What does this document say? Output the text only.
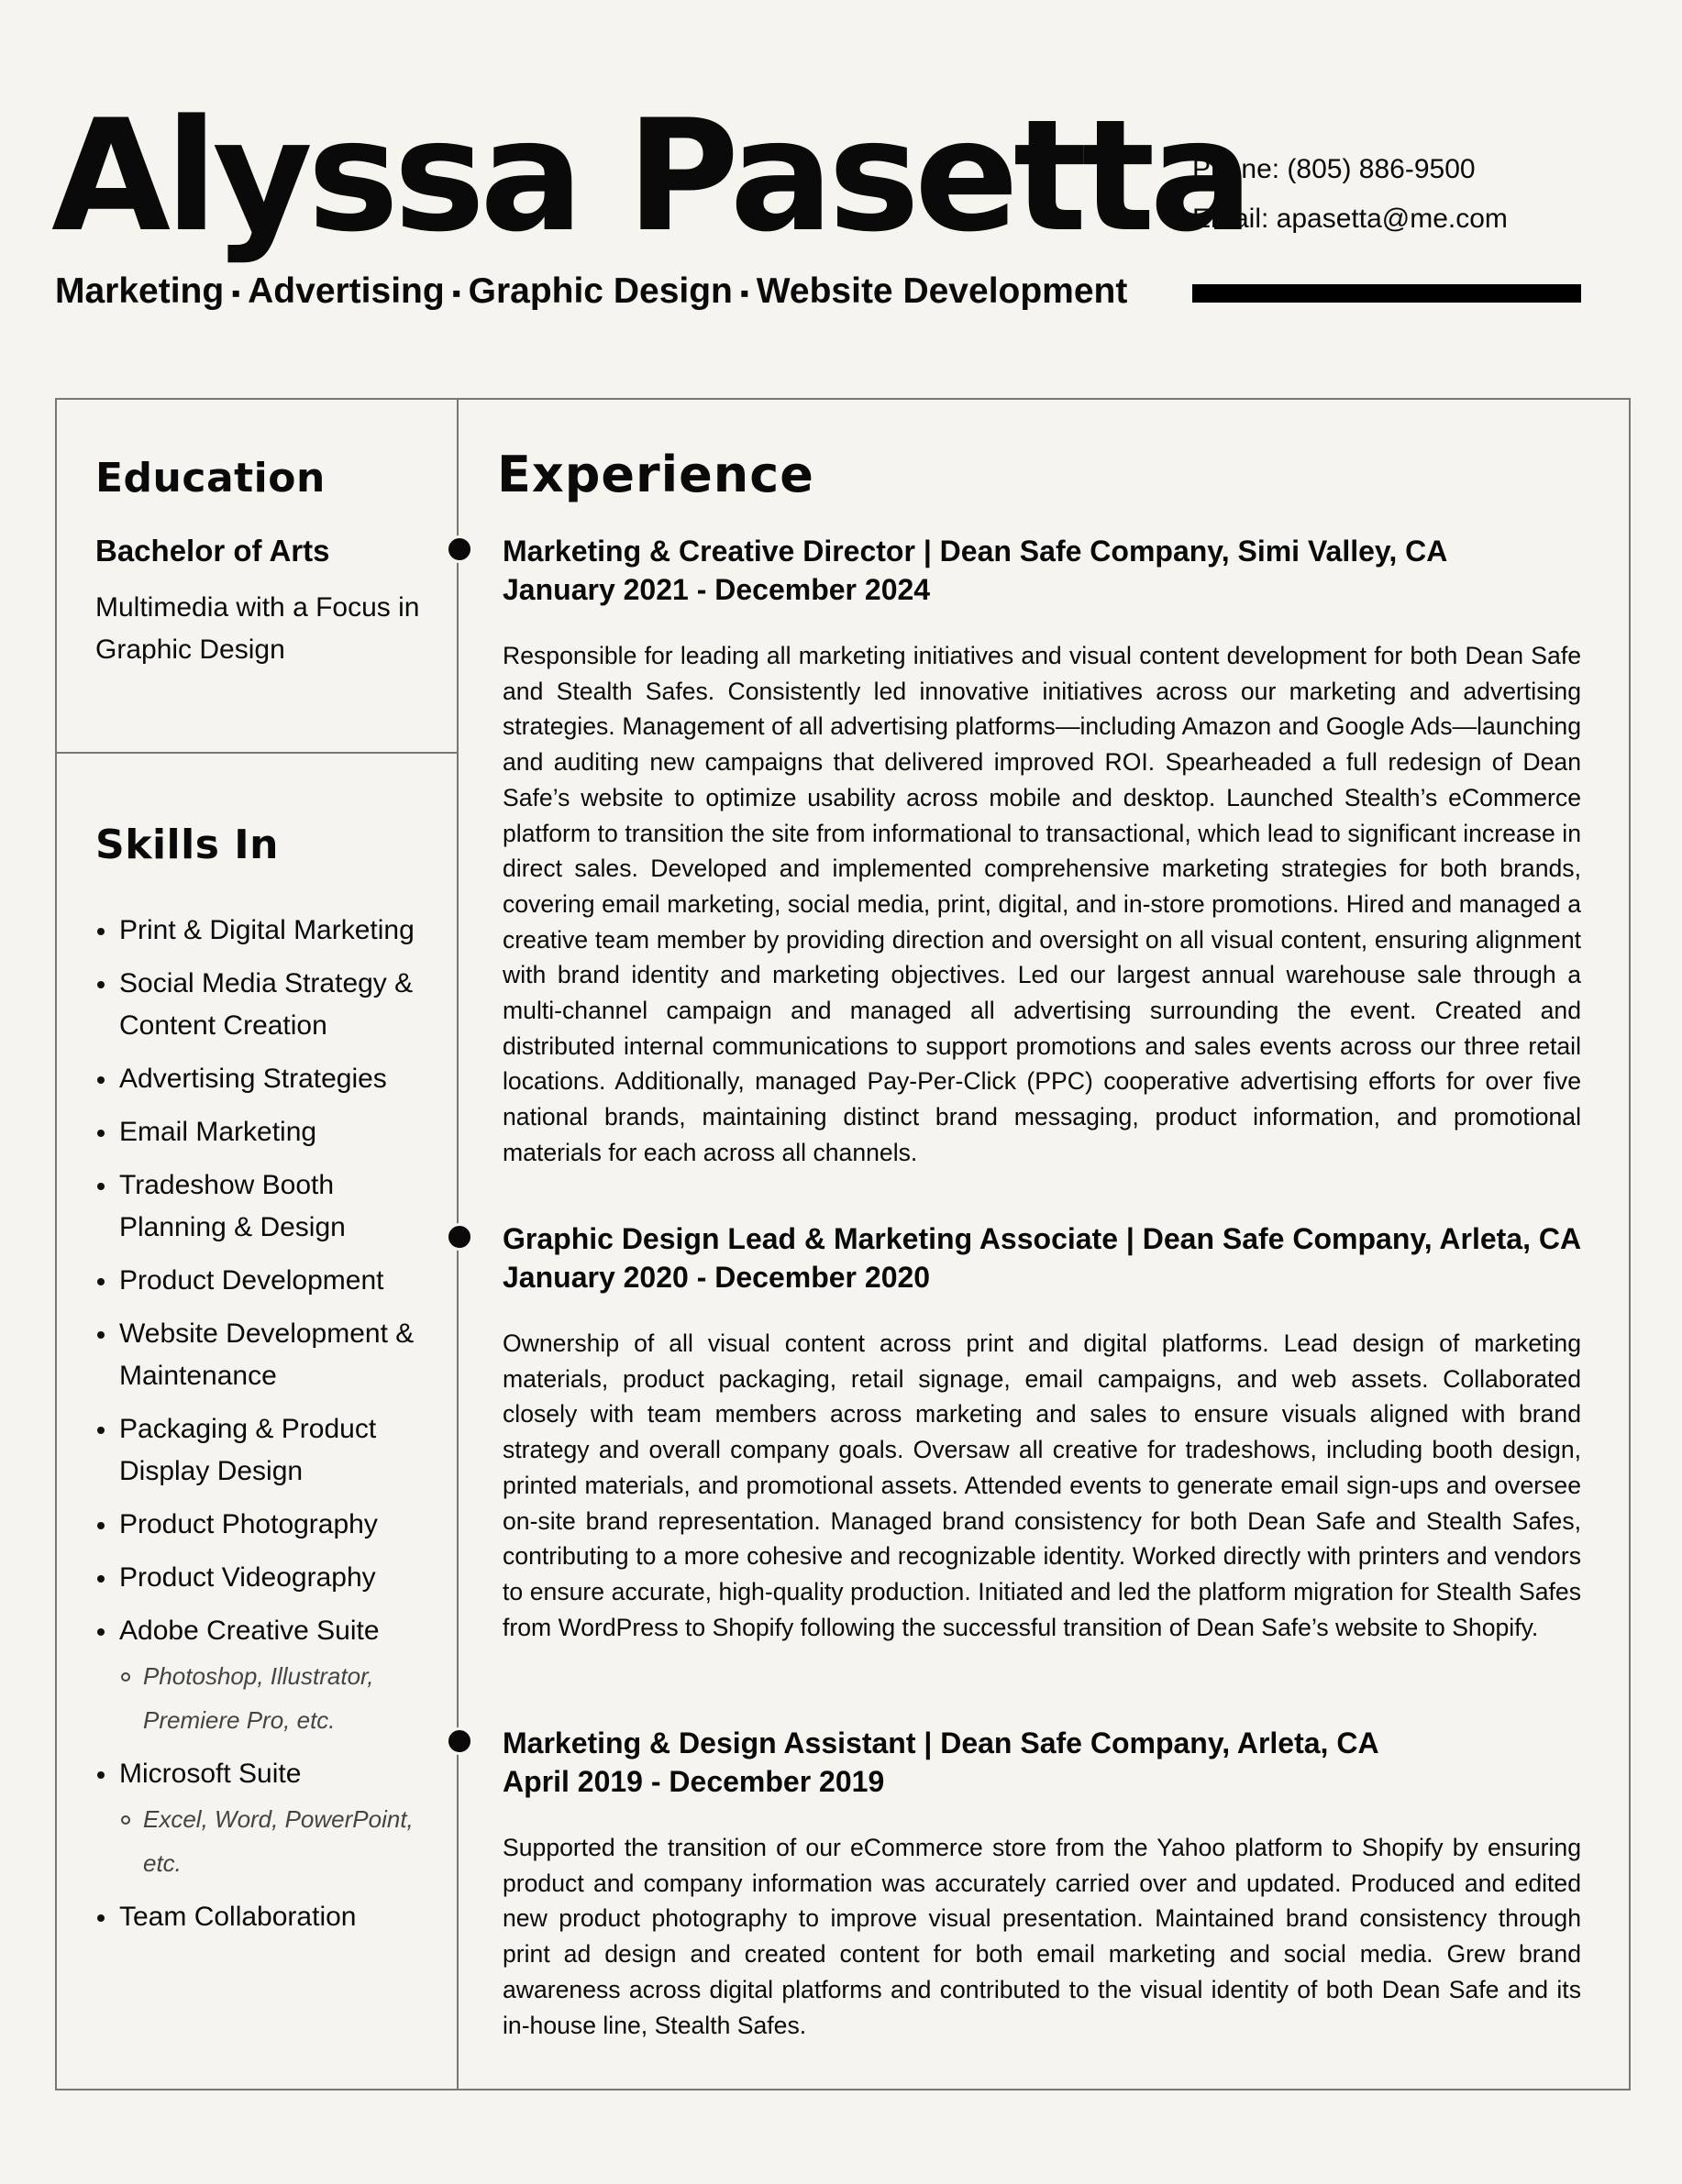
Alyssa Pasetta
Marketing ▪ Advertising ▪ Graphic Design ▪ Website Development
Phone: (805) 886-9500
Email: apasetta@me.com
Education
Bachelor of Arts
Multimedia with a Focus in Graphic Design
Skills In
Print & Digital Marketing
Social Media Strategy & Content Creation
Advertising Strategies
Email Marketing
Tradeshow Booth Planning & Design
Product Development
Website Development & Maintenance
Packaging & Product Display Design
Product Photography
Product Videography
Adobe Creative Suite
Photoshop, Illustrator, Premiere Pro, etc.
Microsoft Suite
Excel, Word, PowerPoint, etc.
Team Collaboration
Experience
Marketing & Creative Director | Dean Safe Company, Simi Valley, CA
January 2021 - December 2024
Responsible for leading all marketing initiatives and visual content development for both Dean Safe and Stealth Safes. Consistently led innovative initiatives across our marketing and advertising strategies. Management of all advertising platforms—including Amazon and Google Ads—launching and auditing new campaigns that delivered improved ROI. Spearheaded a full redesign of Dean Safe’s website to optimize usability across mobile and desktop. Launched Stealth’s eCommerce platform to transition the site from informational to transactional, which lead to significant increase in direct sales. Developed and implemented comprehensive marketing strategies for both brands, covering email marketing, social media, print, digital, and in-store promotions. Hired and managed a creative team member by providing direction and oversight on all visual content, ensuring alignment with brand identity and marketing objectives. Led our largest annual warehouse sale through a multi-channel campaign and managed all advertising surrounding the event. Created and distributed internal communications to support promotions and sales events across our three retail locations. Additionally, managed Pay-Per-Click (PPC) cooperative advertising efforts for over five national brands, maintaining distinct brand messaging, product information, and promotional materials for each across all channels.
Graphic Design Lead & Marketing Associate | Dean Safe Company, Arleta, CA
January 2020 - December 2020
Ownership of all visual content across print and digital platforms. Lead design of marketing materials, product packaging, retail signage, email campaigns, and web assets. Collaborated closely with team members across marketing and sales to ensure visuals aligned with brand strategy and overall company goals. Oversaw all creative for tradeshows, including booth design, printed materials, and promotional assets. Attended events to generate email sign-ups and oversee on-site brand representation. Managed brand consistency for both Dean Safe and Stealth Safes, contributing to a more cohesive and recognizable identity. Worked directly with printers and vendors to ensure accurate, high-quality production. Initiated and led the platform migration for Stealth Safes from WordPress to Shopify following the successful transition of Dean Safe’s website to Shopify.
Marketing & Design Assistant | Dean Safe Company, Arleta, CA
April 2019 - December 2019
Supported the transition of our eCommerce store from the Yahoo platform to Shopify by ensuring product and company information was accurately carried over and updated. Produced and edited new product photography to improve visual presentation. Maintained brand consistency through print ad design and created content for both email marketing and social media. Grew brand awareness across digital platforms and contributed to the visual identity of both Dean Safe and its in-house line, Stealth Safes.
